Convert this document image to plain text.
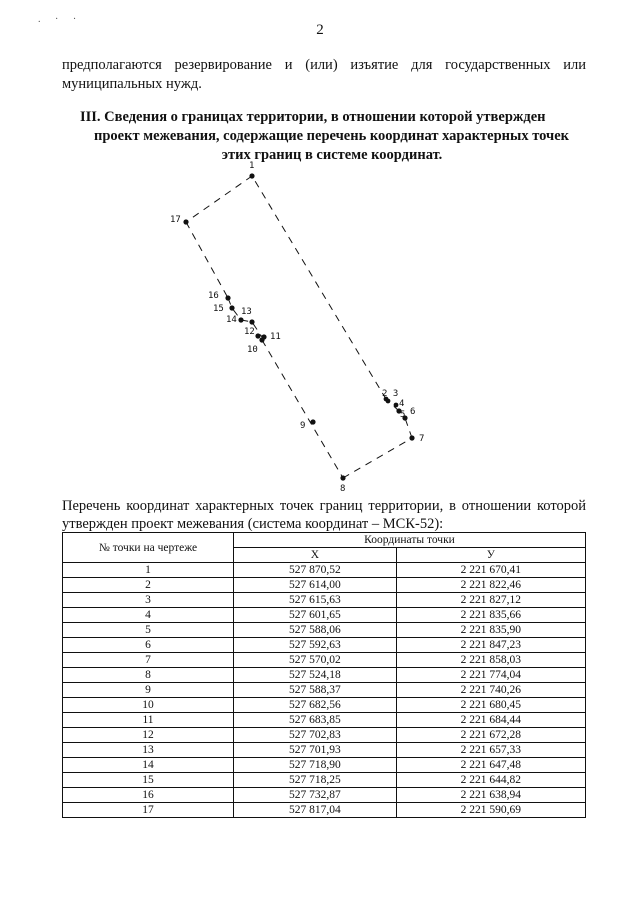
. · ·
2
предполагаются резервирование и (или) изъятие для государственных или муниципальных нужд.
III. Сведения о границах территории, в отношении которой утвержден
проект межевания, содержащие перечень координат характерных точек
этих границ в системе координат.
1
17
16
15
14
13
12 11
10
9
8
7
6
5
4
2 3
Перечень координат характерных точек границ территории, в отношении которой утвержден проект межевания (система координат – МСК-52):
№ точки на чертеже	Координаты точки	
	X	У
1	527 870,52	2 221 670,41
2	527 614,00	2 221 822,46
3	527 615,63	2 221 827,12
4	527 601,65	2 221 835,66
5	527 588,06	2 221 835,90
6	527 592,63	2 221 847,23
7	527 570,02	2 221 858,03
8	527 524,18	2 221 774,04
9	527 588,37	2 221 740,26
10	527 682,56	2 221 680,45
11	527 683,85	2 221 684,44
12	527 702,83	2 221 672,28
13	527 701,93	2 221 657,33
14	527 718,90	2 221 647,48
15	527 718,25	2 221 644,82
16	527 732,87	2 221 638,94
17	527 817,04	2 221 590,69
